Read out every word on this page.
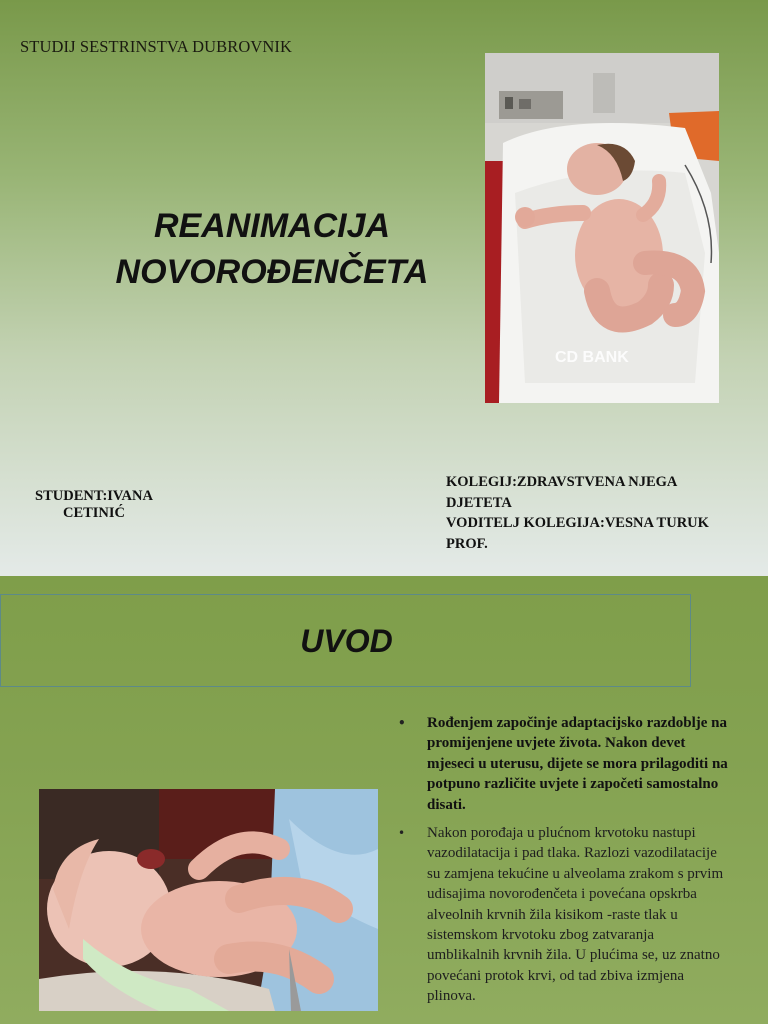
STUDIJ SESTRINSTVA DUBROVNIK
REANIMACIJA
NOVOROĐENČETA
CD BANK
STUDENT:IVANA
CETINIĆ
KOLEGIJ:ZDRAVSTVENA NJEGA
DJETETA
VODITELJ KOLEGIJA:VESNA TURUK
PROF.
UVOD
• Rođenjem započinje adaptacijsko razdoblje na promijenjene uvjete života. Nakon devet mjeseci u uterusu, dijete se mora prilagoditi na potpuno različite uvjete i započeti samostalno disati.
• Nakon porođaja u plućnom krvotoku nastupi vazodilatacija i pad tlaka. Razlozi vazodilatacije su zamjena tekućine u alveolama zrakom s prvim udisajima novorođenčeta i povećana opskrba alveolnih krvnih žila kisikom -raste tlak u sistemskom krvotoku zbog zatvaranja umblikalnih krvnih žila. U plućima se, uz znatno povećani protok krvi, od tad zbiva izmjena plinova.
